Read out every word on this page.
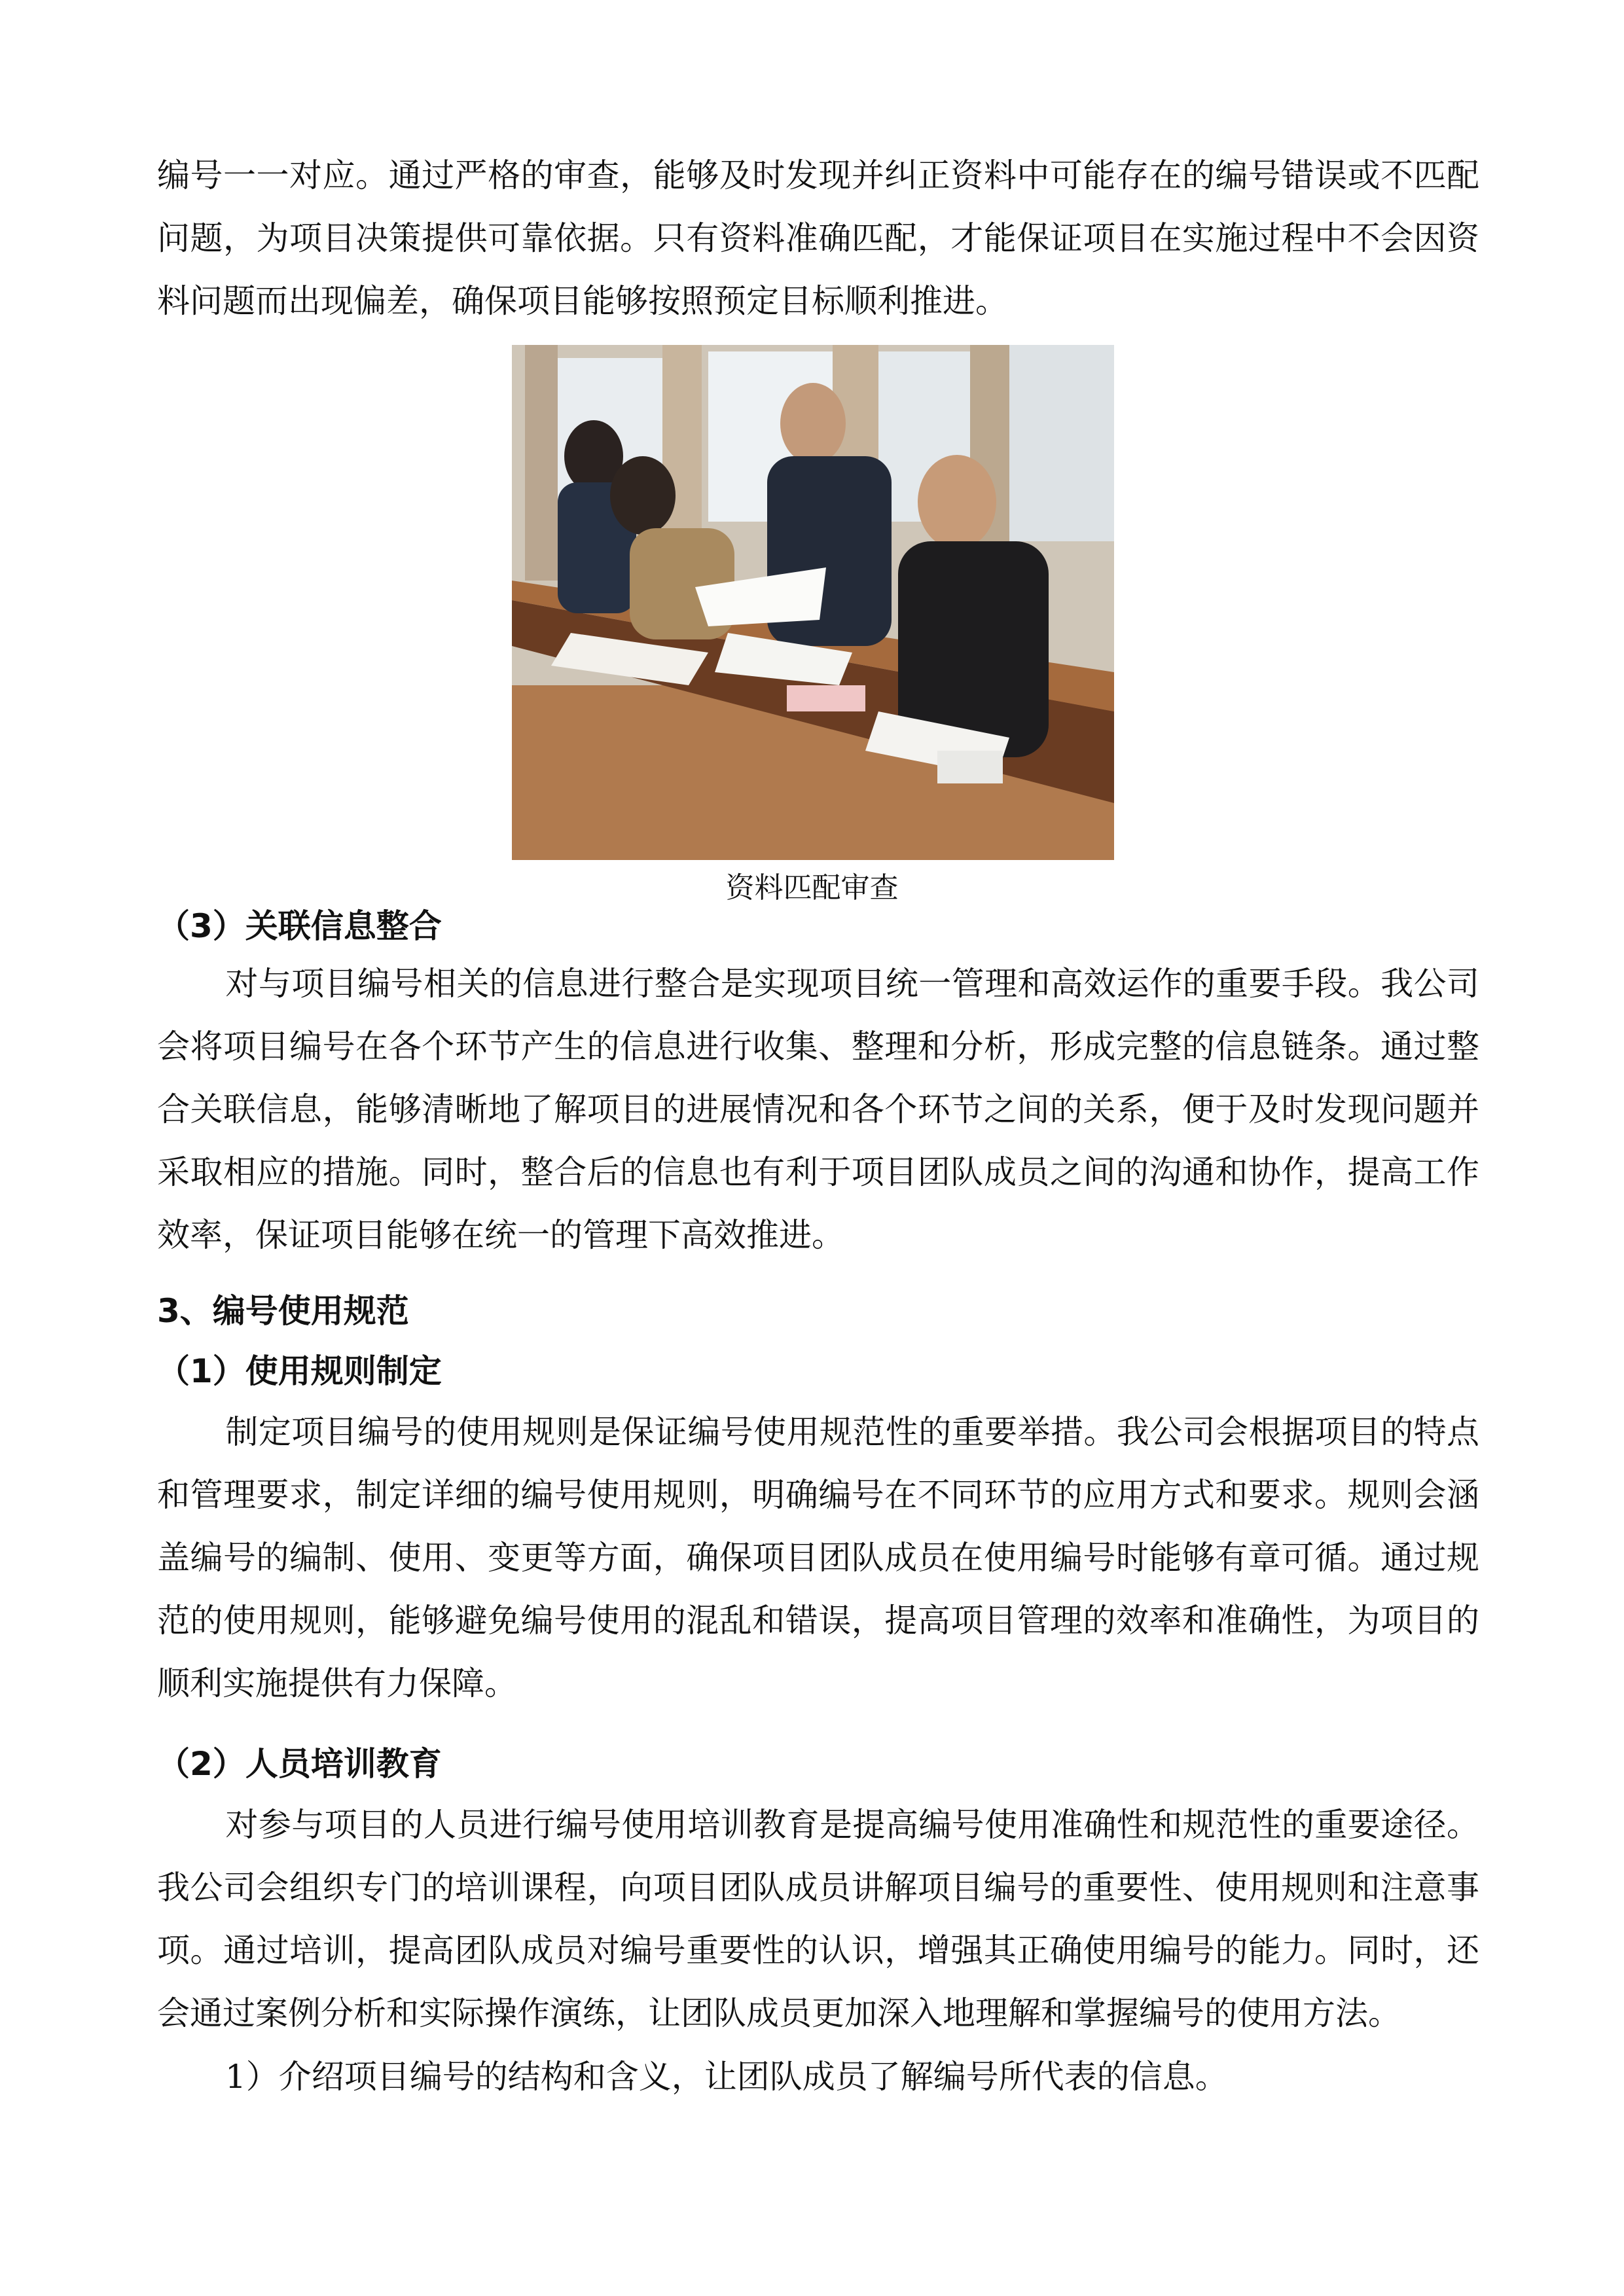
编号一一对应。通过严格的审查，能够及时发现并纠正资料中可能存在的编号错误或不匹配问题，为项目决策提供可靠依据。只有资料准确匹配，才能保证项目在实施过程中不会因资料问题而出现偏差，确保项目能够按照预定目标顺利推进。

资料匹配审查
（3）关联信息整合

对与项目编号相关的信息进行整合是实现项目统一管理和高效运作的重要手段。我公司会将项目编号在各个环节产生的信息进行收集、整理和分析，形成完整的信息链条。通过整合关联信息，能够清晰地了解项目的进展情况和各个环节之间的关系，便于及时发现问题并采取相应的措施。同时，整合后的信息也有利于项目团队成员之间的沟通和协作，提高工作效率，保证项目能够在统一的管理下高效推进。

3、编号使用规范
（1）使用规则制定

制定项目编号的使用规则是保证编号使用规范性的重要举措。我公司会根据项目的特点和管理要求，制定详细的编号使用规则，明确编号在不同环节的应用方式和要求。规则会涵盖编号的编制、使用、变更等方面，确保项目团队成员在使用编号时能够有章可循。通过规范的使用规则，能够避免编号使用的混乱和错误，提高项目管理的效率和准确性，为项目的顺利实施提供有力保障。

（2）人员培训教育

对参与项目的人员进行编号使用培训教育是提高编号使用准确性和规范性的重要途径。我公司会组织专门的培训课程，向项目团队成员讲解项目编号的重要性、使用规则和注意事项。通过培训，提高团队成员对编号重要性的认识，增强其正确使用编号的能力。同时，还会通过案例分析和实际操作演练，让团队成员更加深入地理解和掌握编号的使用方法。

1）介绍项目编号的结构和含义，让团队成员了解编号所代表的信息。
